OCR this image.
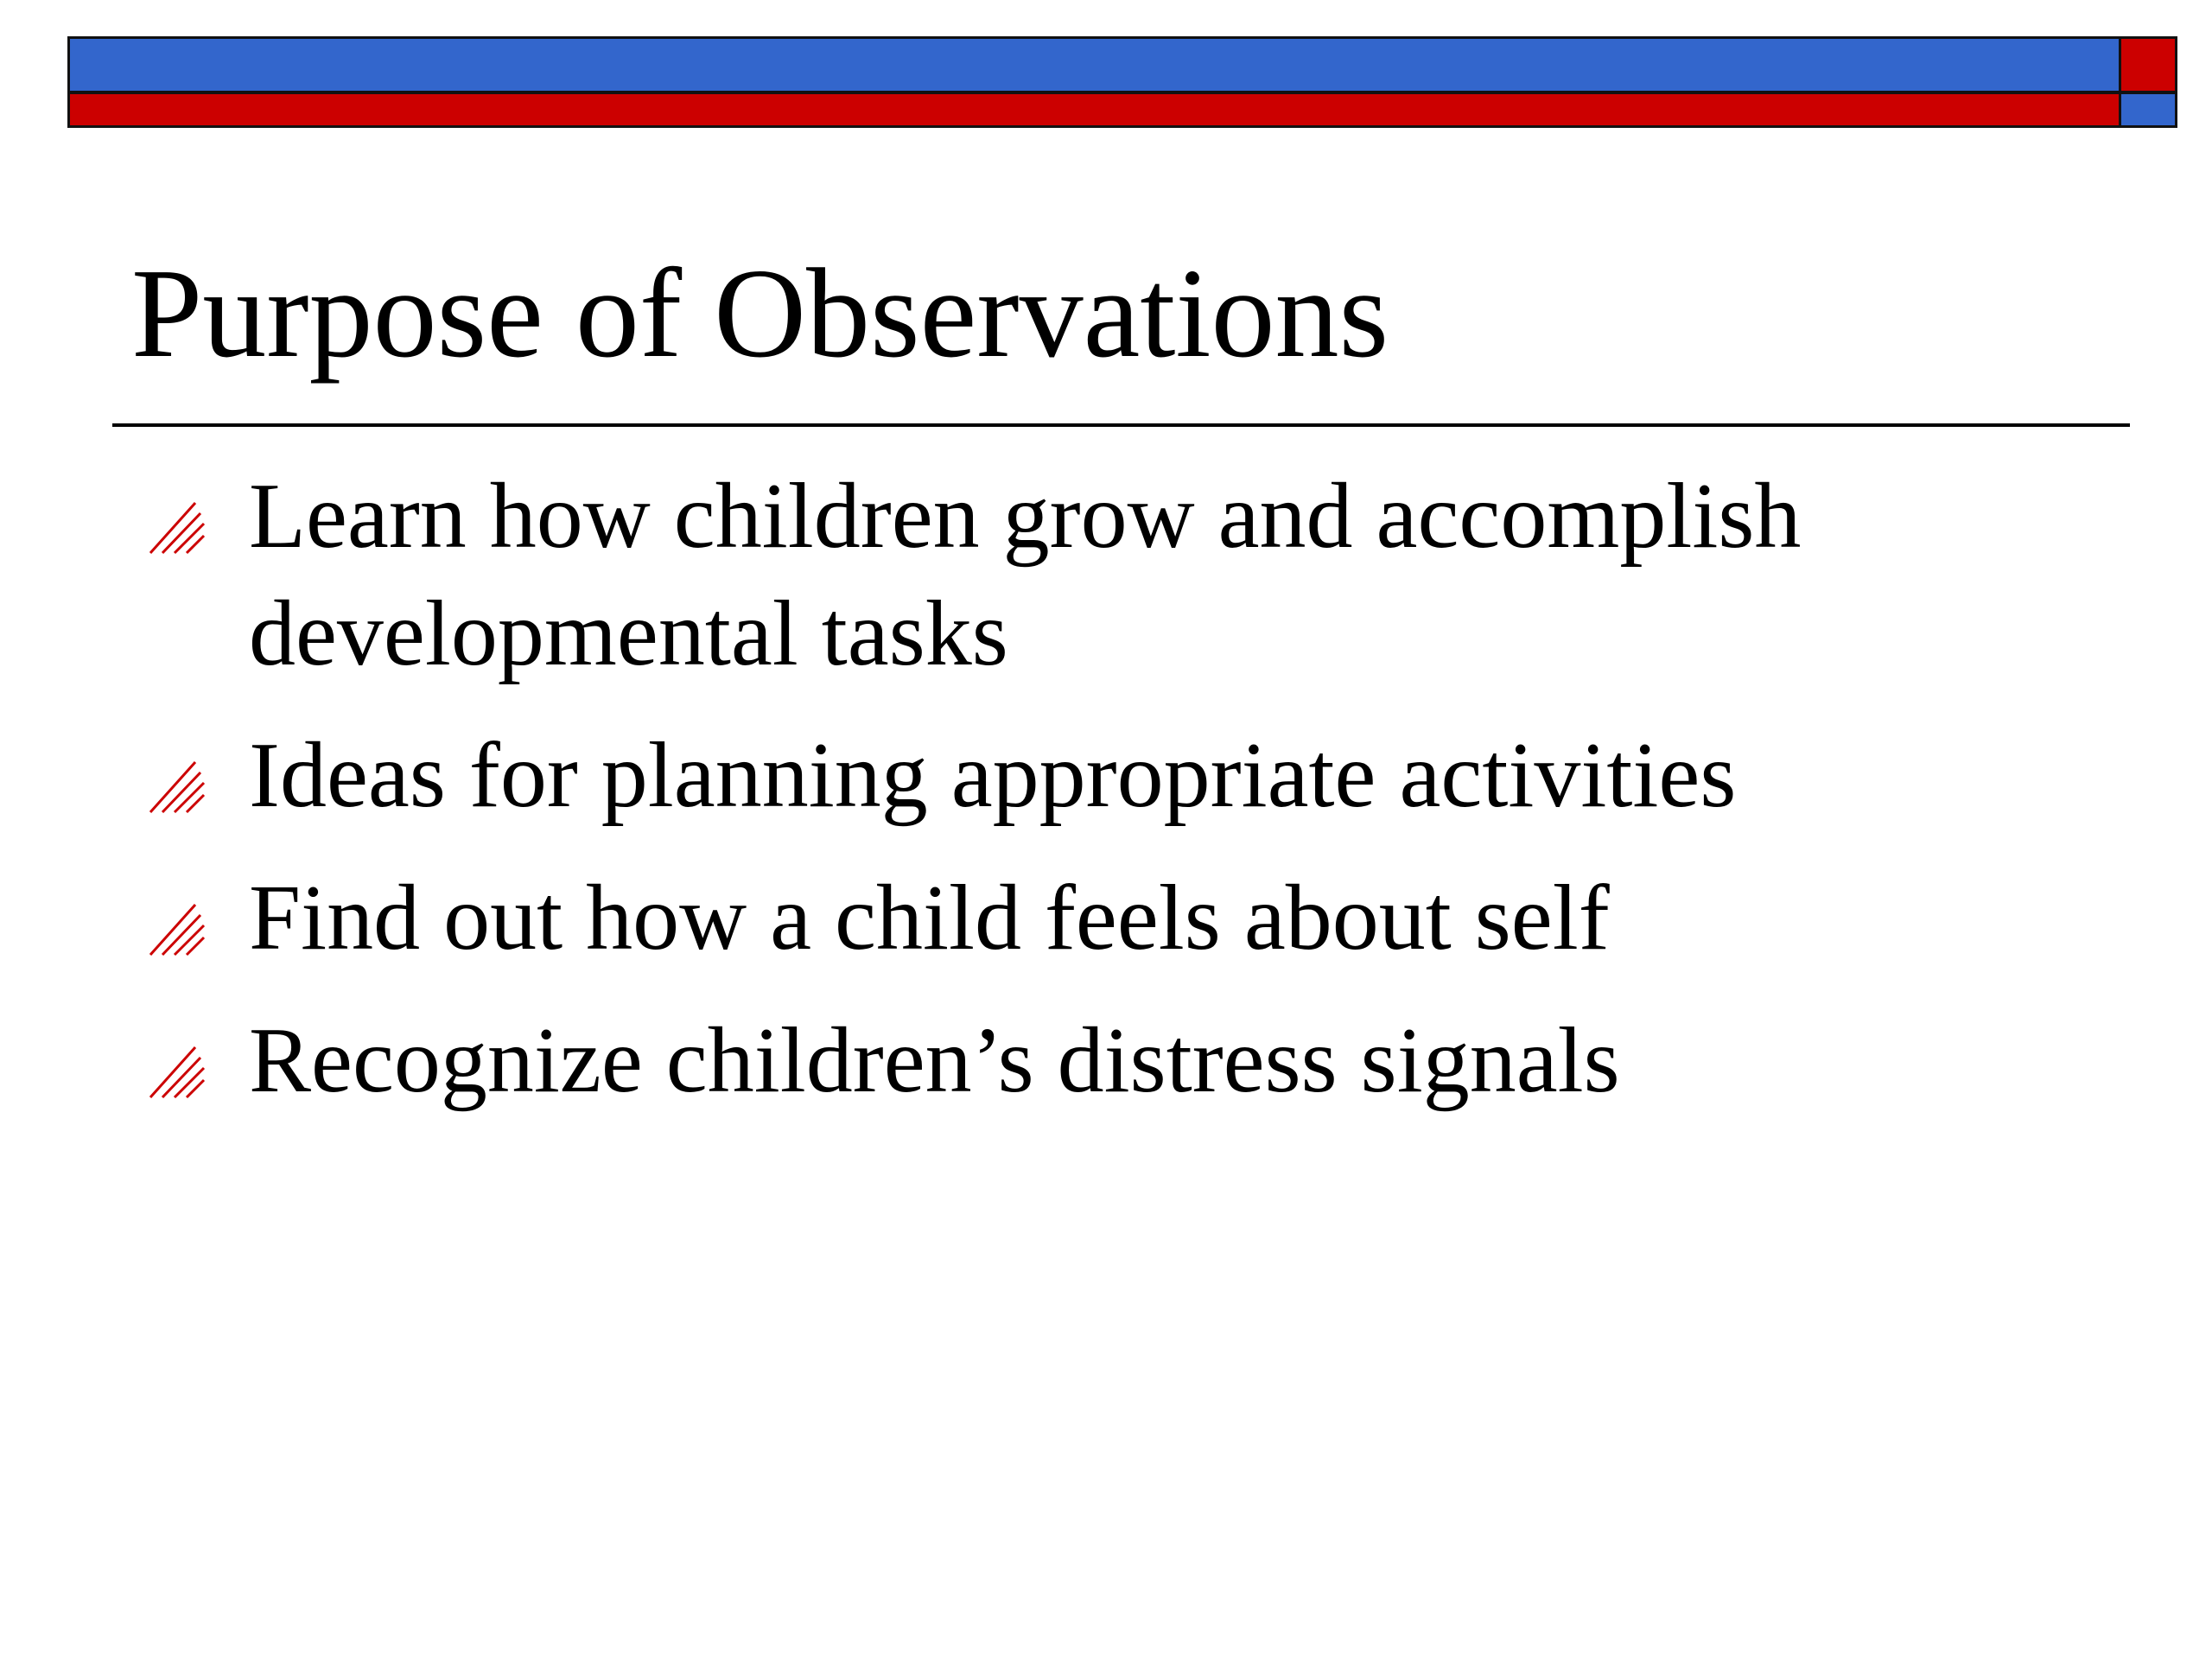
Purpose of Observations
Learn how children grow and accomplish developmental tasks
Ideas for planning appropriate activities
Find out how a child feels about self
Recognize children’s distress signals
